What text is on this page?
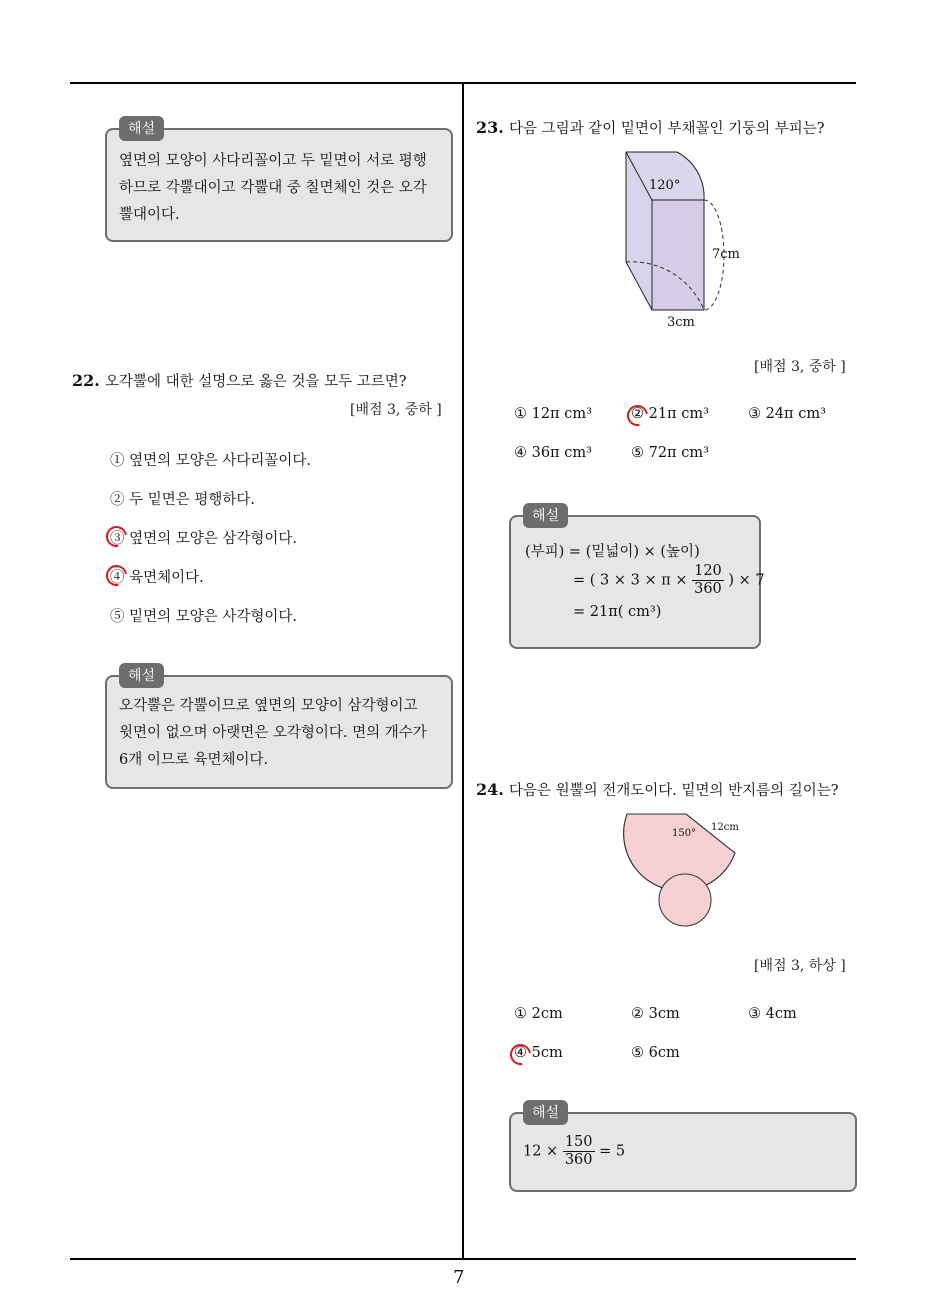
7
옆면의 모양이 사다리꼴이고 두 밑면이 서로 평행
하므로 각뿔대이고 각뿔대 중 칠면체인 것은 오각
뿔대이다.
해설
22. 오각뿔에 대한 설명으로 옳은 것을 모두 고르면?
[배점 3, 중하 ]
① 옆면의 모양은 사다리꼴이다.
② 두 밑면은 평행하다.
③ 옆면의 모양은 삼각형이다.
④ 육면체이다.
⑤ 밑면의 모양은 사각형이다.
오각뿔은 각뿔이므로 옆면의 모양이 삼각형이고
윗면이 없으며 아랫면은 오각형이다. 면의 개수가
6개 이므로 육면체이다.
해설
23. 다음 그림과 같이 밑면이 부채꼴인 기둥의 부피는?
120°
7cm
3cm
[배점 3, 중하 ]
① 12π cm³	② 21π cm³	③ 24π cm³
④ 36π cm³	⑤ 72π cm³
(부피) = (밑넓이) × (높이)
= ( $3 \times 3 \times \pi \times \frac{120}{360}$ ) × 7
= 21π( cm³)
해설
24. 다음은 원뿔의 전개도이다. 밑면의 반지름의 길이는?
150°
12cm
[배점 3, 하상 ]
① 2cm	② 3cm	③ 4cm
④ 5cm	⑤ 6cm
$12 \times \frac{150}{360} = 5$
해설
